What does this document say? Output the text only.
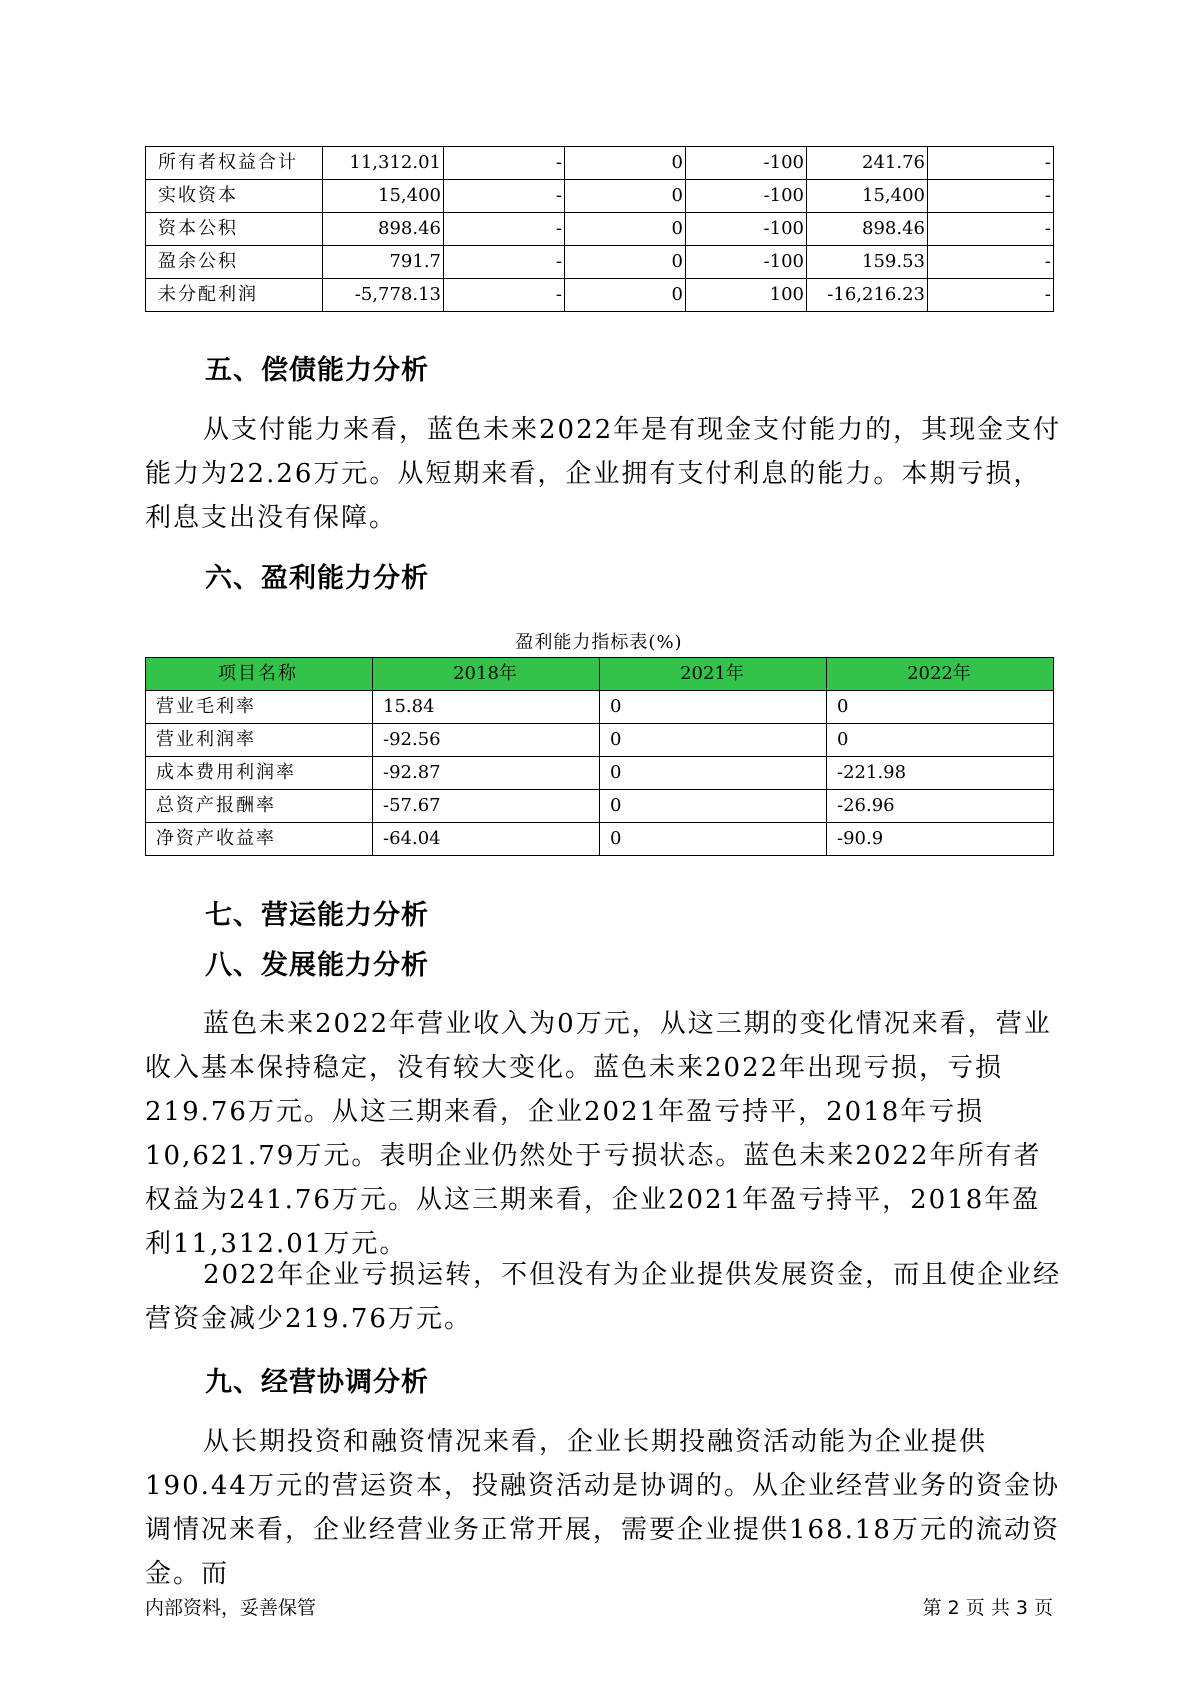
所有者权益合计	11,312.01	-	0	-100	241.76	-
实收资本	15,400	-	0	-100	15,400	-
资本公积	898.46	-	0	-100	898.46	-
盈余公积	791.7	-	0	-100	159.53	-
未分配利润	-5,778.13	-	0	100	-16,216.23	-
五、偿债能力分析

从支付能力来看，蓝色未来2022年是有现金支付能力的，其现金支付能力为22.26万元。从短期来看，企业拥有支付利息的能力。本期亏损，利息支出没有保障。

六、盈利能力分析
盈利能力指标表(%)
项目名称	2018年	2021年	2022年
营业毛利率	15.84	0	0
营业利润率	-92.56	0	0
成本费用利润率	-92.87	0	-221.98
总资产报酬率	-57.67	0	-26.96
净资产收益率	-64.04	0	-90.9
七、营运能力分析
八、发展能力分析

蓝色未来2022年营业收入为0万元，从这三期的变化情况来看，营业收入基本保持稳定，没有较大变化。蓝色未来2022年出现亏损，亏损219.76万元。从这三期来看，企业2021年盈亏持平，2018年亏损10,621.79万元。表明企业仍然处于亏损状态。蓝色未来2022年所有者权益为241.76万元。从这三期来看，企业2021年盈亏持平，2018年盈利11,312.01万元。

2022年企业亏损运转，不但没有为企业提供发展资金，而且使企业经营资金减少219.76万元。

九、经营协调分析

从长期投资和融资情况来看，企业长期投融资活动能为企业提供190.44万元的营运资本，投融资活动是协调的。从企业经营业务的资金协调情况来看，企业经营业务正常开展，需要企业提供168.18万元的流动资金。而

内部资料，妥善保管	第 2 页 共 3 页
